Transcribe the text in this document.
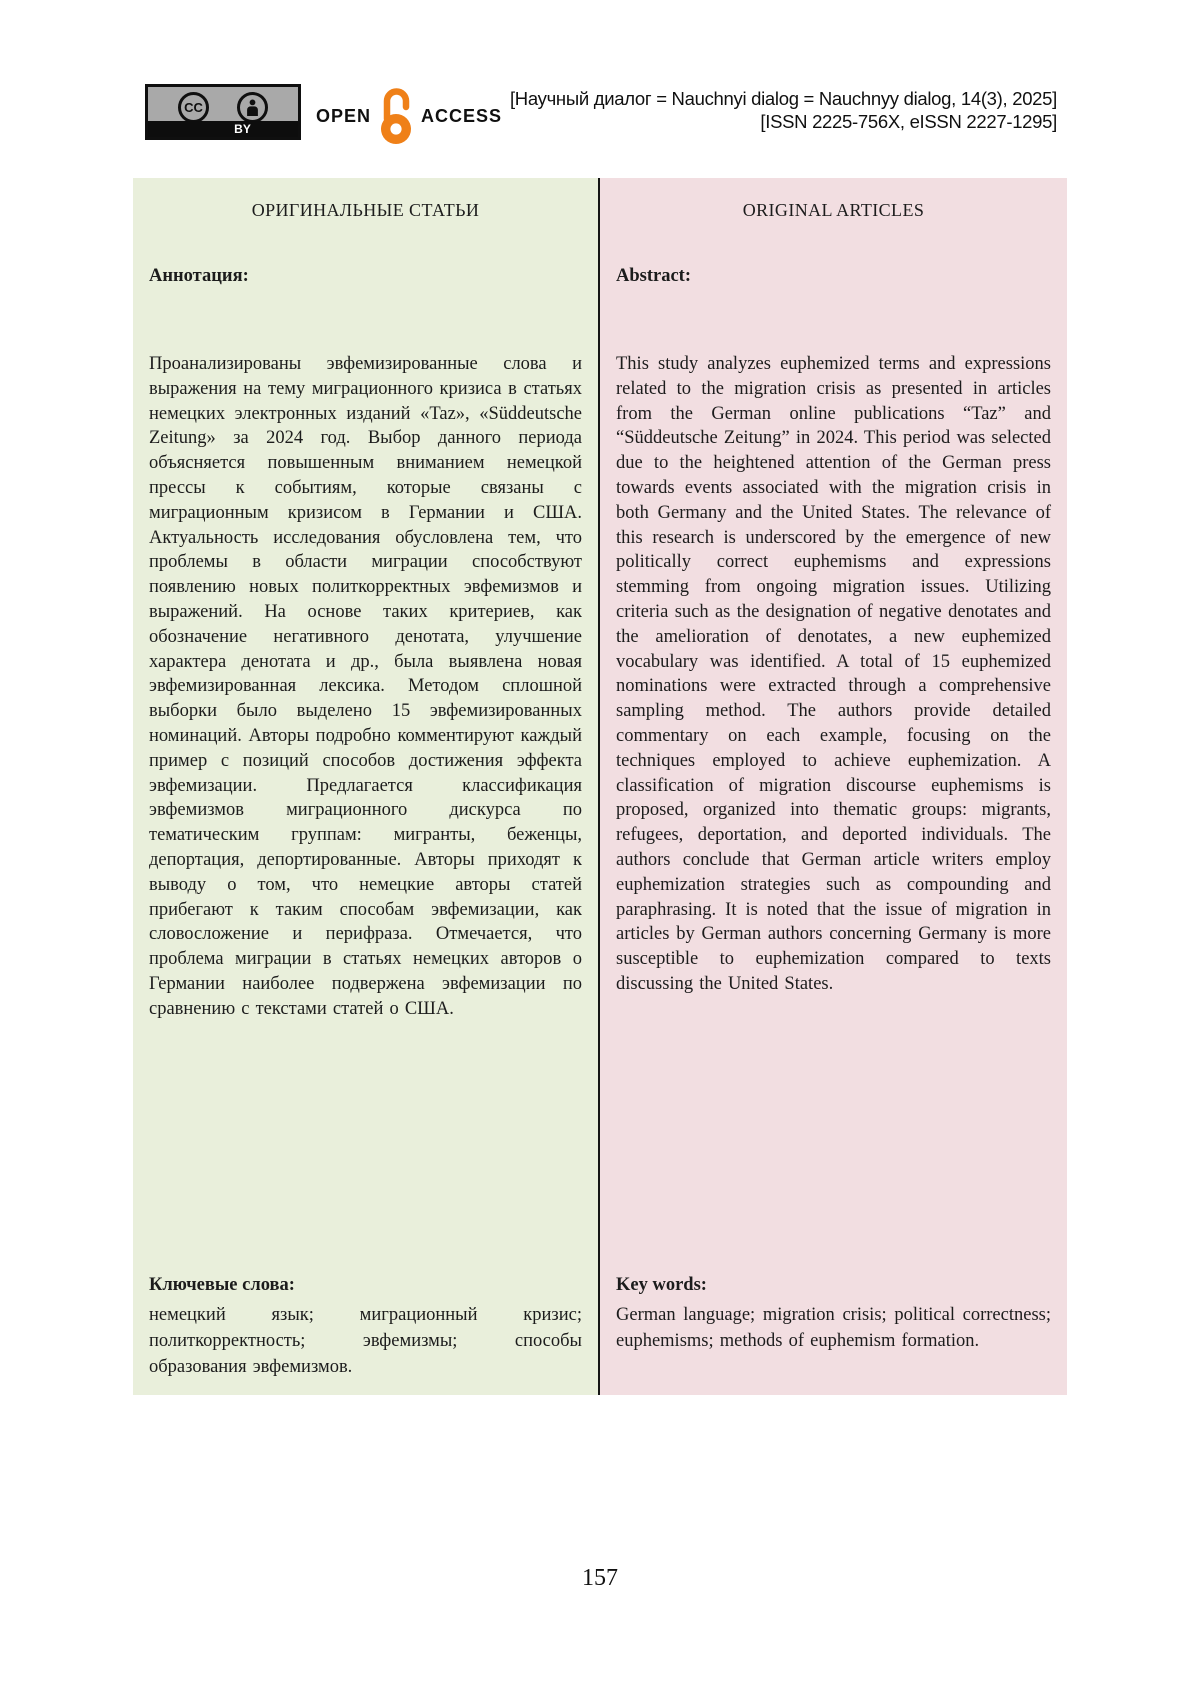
CC
BY
OPEN	ACCESS
[Научный диалог = Nauchnyi dialog = Nauchnyy dialog, 14(3), 2025]
[ISSN 2225-756X, eISSN 2227-1295]
ОРИГИНАЛЬНЫЕ СТАТЬИ
Аннотация:
Проанализированы эвфемизированные слова и выражения на тему миграционного кризиса в статьях немецких электронных изданий «Taz», «Süddeutsche Zeitung» за 2024 год. Выбор данного периода объясняется повышенным вниманием немецкой прессы к событиям, которые связаны с миграционным кризисом в Германии и США. Актуальность исследования обусловлена тем, что проблемы в области миграции способствуют появлению новых политкорректных эвфемизмов и выражений. На основе таких критериев, как обозначение негативного денотата, улучшение характера денотата и др., была выявлена новая эвфемизированная лексика. Методом сплошной выборки было выделено 15 эвфемизированных номинаций. Авторы подробно комментируют каждый пример с позиций способов достижения эффекта эвфемизации. Предлагается классификация эвфемизмов миграционного дискурса по тематическим группам: мигранты, беженцы, депортация, депортированные. Авторы приходят к выводу о том, что немецкие авторы статей прибегают к таким способам эвфемизации, как словосложение и перифраза. Отмечается, что проблема миграции в статьях немецких авторов о Германии наиболее подвержена эвфемизации по сравнению с текстами статей о США.
Ключевые слова:
немецкий язык; миграционный кризис; политкорректность; эвфемизмы; способы образования эвфемизмов.
ORIGINAL ARTICLES
Abstract:
This study analyzes euphemized terms and expressions related to the migration crisis as presented in articles from the German online publications “Taz” and “Süddeutsche Zeitung” in 2024. This period was selected due to the heightened attention of the German press towards events associated with the migration crisis in both Germany and the United States. The relevance of this research is underscored by the emergence of new politically correct euphemisms and expressions stemming from ongoing migration issues. Utilizing criteria such as the designation of negative denotates and the amelioration of denotates, a new euphemized vocabulary was identified. A total of 15 euphemized nominations were extracted through a comprehensive sampling method. The authors provide detailed commentary on each example, focusing on the techniques employed to achieve euphemization. A classification of migration discourse euphemisms is proposed, organized into thematic groups: migrants, refugees, deportation, and deported individuals. The authors conclude that German article writers employ euphemization strategies such as compounding and paraphrasing. It is noted that the issue of migration in articles by German authors concerning Germany is more susceptible to euphemization compared to texts discussing the United States.
Key words:
German language; migration crisis; political correctness; euphemisms; methods of euphemism formation.
157
